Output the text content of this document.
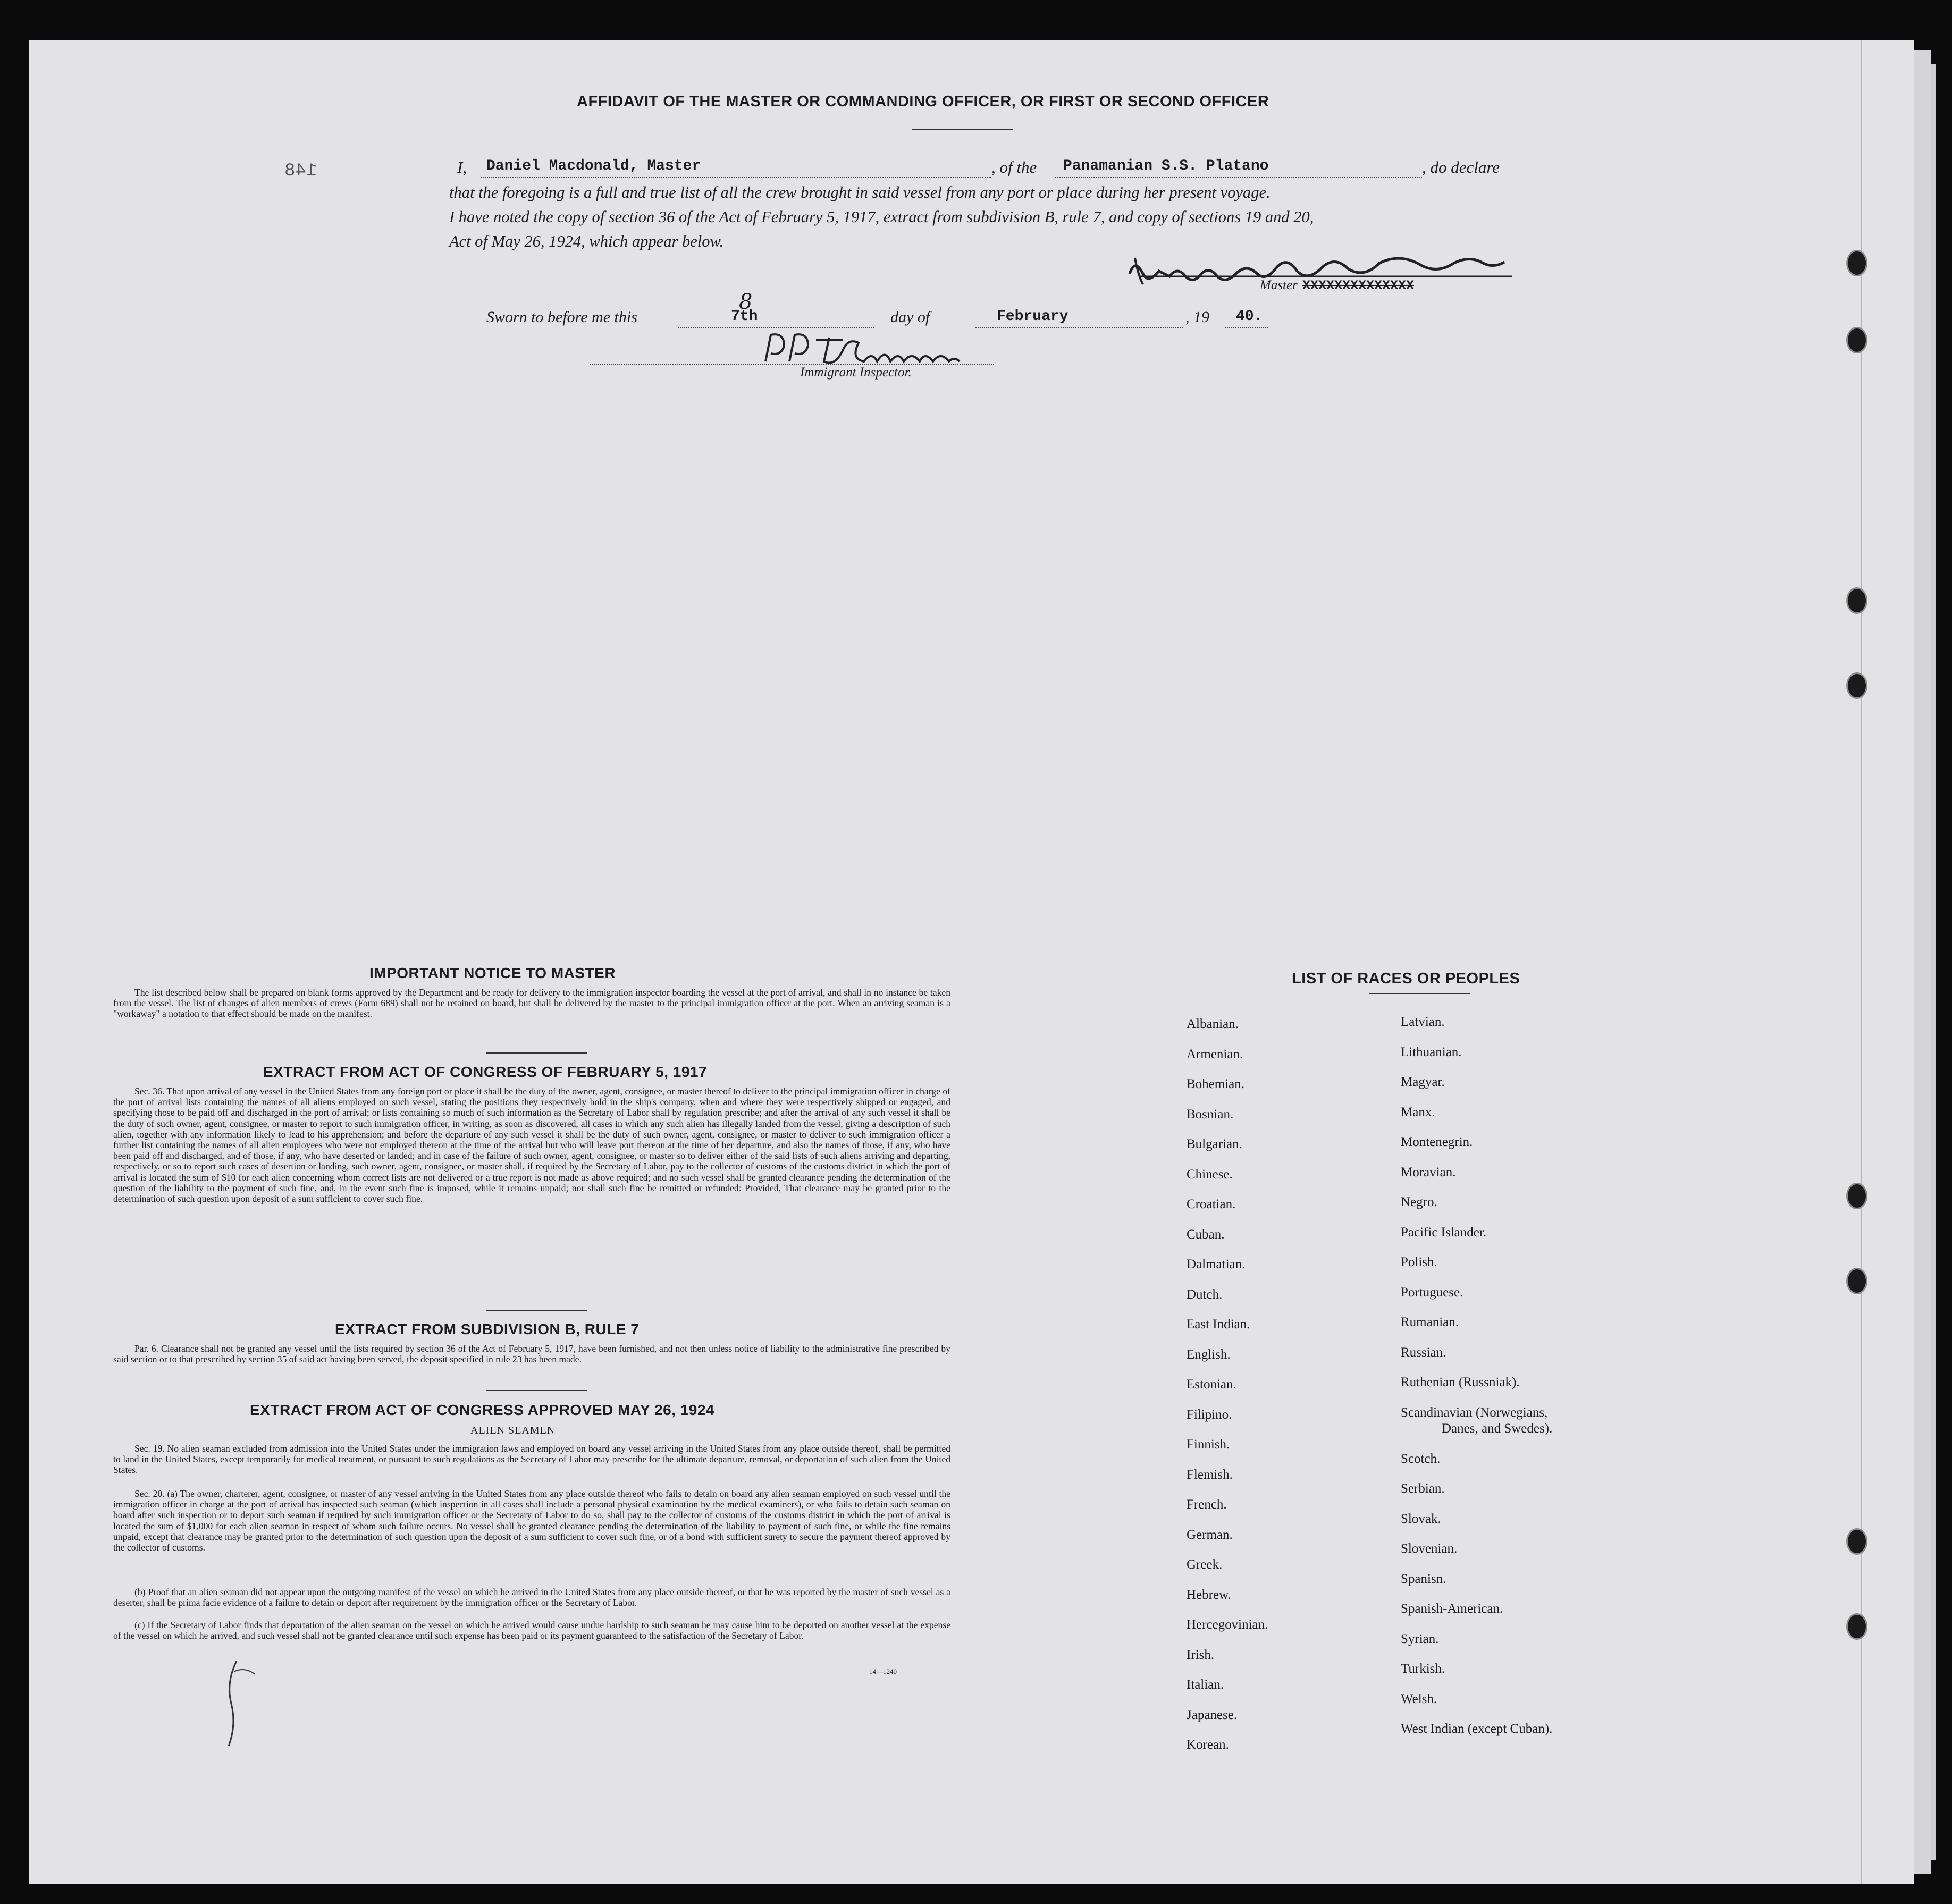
AFFIDAVIT OF THE MASTER OR COMMANDING OFFICER, OR FIRST OR SECOND OFFICER
148	I, Daniel Macdonald, Master	, of the Panamanian S.S. Platano	, do declare
that the foregoing is a full and true list of all the crew brought in said vessel from any port or place during her present voyage.
I have noted the copy of section 36 of the Act of February 5, 1917, extract from subdivision B, rule 7, and copy of sections 19 and 20,
Act of May 26, 1924, which appear below.
Master XXXXXXXXXXXXXX
Sworn to before me this	7th
8
day of	February	, 19 40.
Immigrant Inspector.
IMPORTANT NOTICE TO MASTER
The list described below shall be prepared on blank forms approved by the Department and be ready for delivery to the immigration inspector boarding the vessel at the port of arrival, and shall in no instance be taken from the vessel. The list of changes of alien members of crews (Form 689) shall not be retained on board, but shall be delivered by the master to the principal immigration officer at the port. When an arriving seaman is a "workaway" a notation to that effect should be made on the manifest.
EXTRACT FROM ACT OF CONGRESS OF FEBRUARY 5, 1917
Sec. 36. That upon arrival of any vessel in the United States from any foreign port or place it shall be the duty of the owner, agent, consignee, or master thereof to deliver to the principal immigration officer in charge of the port of arrival lists containing the names of all aliens employed on such vessel, stating the positions they respectively hold in the ship's company, when and where they were respectively shipped or engaged, and specifying those to be paid off and discharged in the port of arrival; or lists containing so much of such information as the Secretary of Labor shall by regulation prescribe; and after the arrival of any such vessel it shall be the duty of such owner, agent, consignee, or master to report to such immigration officer, in writing, as soon as discovered, all cases in which any such alien has illegally landed from the vessel, giving a description of such alien, together with any information likely to lead to his apprehension; and before the departure of any such vessel it shall be the duty of such owner, agent, consignee, or master to deliver to such immigration officer a further list containing the names of all alien employees who were not employed thereon at the time of the arrival but who will leave port thereon at the time of her departure, and also the names of those, if any, who have been paid off and discharged, and of those, if any, who have deserted or landed; and in case of the failure of such owner, agent, consignee, or master so to deliver either of the said lists of such aliens arriving and departing, respectively, or so to report such cases of desertion or landing, such owner, agent, consignee, or master shall, if required by the Secretary of Labor, pay to the collector of customs of the customs district in which the port of arrival is located the sum of $10 for each alien concerning whom correct lists are not delivered or a true report is not made as above required; and no such vessel shall be granted clearance pending the determination of the question of the liability to the payment of such fine, and, in the event such fine is imposed, while it remains unpaid; nor shall such fine be remitted or refunded: Provided, That clearance may be granted prior to the determination of such question upon deposit of a sum sufficient to cover such fine.
EXTRACT FROM SUBDIVISION B, RULE 7
Par. 6. Clearance shall not be granted any vessel until the lists required by section 36 of the Act of February 5, 1917, have been furnished, and not then unless notice of liability to the administrative fine prescribed by said section or to that prescribed by section 35 of said act having been served, the deposit specified in rule 23 has been made.
EXTRACT FROM ACT OF CONGRESS APPROVED MAY 26, 1924
ALIEN SEAMEN
Sec. 19. No alien seaman excluded from admission into the United States under the immigration laws and employed on board any vessel arriving in the United States from any place outside thereof, shall be permitted to land in the United States, except temporarily for medical treatment, or pursuant to such regulations as the Secretary of Labor may prescribe for the ultimate departure, removal, or deportation of such alien from the United States.
Sec. 20. (a) The owner, charterer, agent, consignee, or master of any vessel arriving in the United States from any place outside thereof who fails to detain on board any alien seaman employed on such vessel until the immigration officer in charge at the port of arrival has inspected such seaman (which inspection in all cases shall include a personal physical examination by the medical examiners), or who fails to detain such seaman on board after such inspection or to deport such seaman if required by such immigration officer or the Secretary of Labor to do so, shall pay to the collector of customs of the customs district in which the port of arrival is located the sum of $1,000 for each alien seaman in respect of whom such failure occurs. No vessel shall be granted clearance pending the determination of the liability to payment of such fine, or while the fine remains unpaid, except that clearance may be granted prior to the determination of such question upon the deposit of a sum sufficient to cover such fine, or of a bond with sufficient surety to secure the payment thereof approved by the collector of customs.
(b) Proof that an alien seaman did not appear upon the outgoing manifest of the vessel on which he arrived in the United States from any place outside thereof, or that he was reported by the master of such vessel as a deserter, shall be prima facie evidence of a failure to detain or deport after requirement by the immigration officer or the Secretary of Labor.
(c) If the Secretary of Labor finds that deportation of the alien seaman on the vessel on which he arrived would cause undue hardship to such seaman he may cause him to be deported on another vessel at the expense of the vessel on which he arrived, and such vessel shall not be granted clearance until such expense has been paid or its payment guaranteed to the satisfaction of the Secretary of Labor.
14—1240
LIST OF RACES OR PEOPLES
Albanian.
Armenian.
Bohemian.
Bosnian.
Bulgarian.
Chinese.
Croatian.
Cuban.
Dalmatian.
Dutch.
East Indian.
English.
Estonian.
Filipino.
Finnish.
Flemish.
French.
German.
Greek.
Hebrew.
Hercegovinian.
Irish.
Italian.
Japanese.
Korean.
Latvian.
Lithuanian.
Magyar.
Manx.
Montenegrin.
Moravian.
Negro.
Pacific Islander.
Polish.
Portuguese.
Rumanian.
Russian.
Ruthenian (Russniak).
Scandinavian (Norwegians,
Danes, and Swedes).
Scotch.
Serbian.
Slovak.
Slovenian.
Spanisn.
Spanish-American.
Syrian.
Turkish.
Welsh.
West Indian (except Cuban).
